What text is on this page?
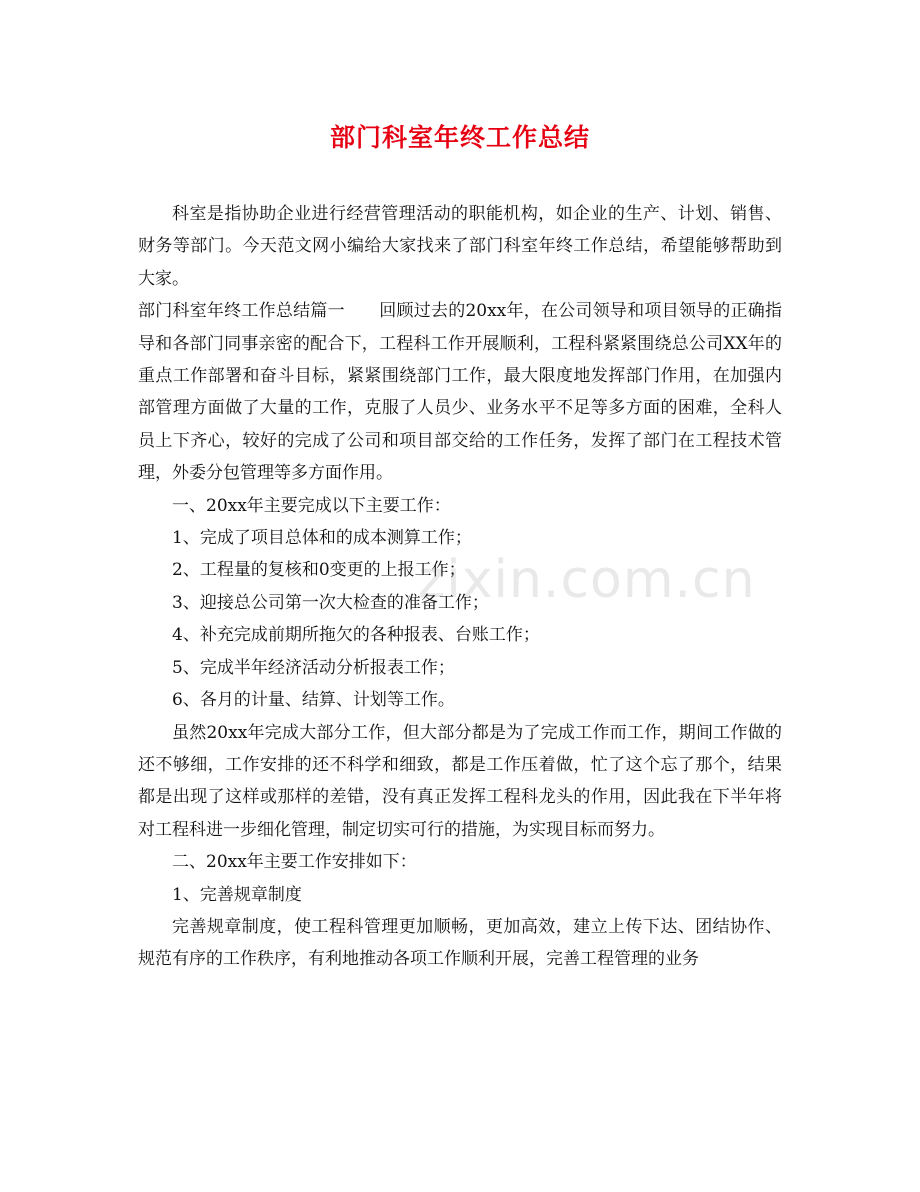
zixin.com.cn
部门科室年终工作总结

科室是指协助企业进行经营管理活动的职能机构，如企业的生产、计划、销售、财务等部门。今天范文网小编给大家找来了部门科室年终工作总结，希望能够帮助到大家。

部门科室年终工作总结篇一　　回顾过去的20xx年，在公司领导和项目领导的正确指导和各部门同事亲密的配合下，工程科工作开展顺利，工程科紧紧围绕总公司XX年的重点工作部署和奋斗目标，紧紧围绕部门工作，最大限度地发挥部门作用，在加强内部管理方面做了大量的工作，克服了人员少、业务水平不足等多方面的困难，全科人员上下齐心，较好的完成了公司和项目部交给的工作任务，发挥了部门在工程技术管理，外委分包管理等多方面作用。

一、20xx年主要完成以下主要工作：

1、完成了项目总体和的成本测算工作；

2、工程量的复核和0变更的上报工作；

3、迎接总公司第一次大检查的准备工作；

4、补充完成前期所拖欠的各种报表、台账工作；

5、完成半年经济活动分析报表工作；

6、各月的计量、结算、计划等工作。

虽然20xx年完成大部分工作，但大部分都是为了完成工作而工作，期间工作做的还不够细，工作安排的还不科学和细致，都是工作压着做，忙了这个忘了那个，结果都是出现了这样或那样的差错，没有真正发挥工程科龙头的作用，因此我在下半年将对工程科进一步细化管理，制定切实可行的措施，为实现目标而努力。

二、20xx年主要工作安排如下：

1、完善规章制度

完善规章制度，使工程科管理更加顺畅，更加高效，建立上传下达、团结协作、规范有序的工作秩序，有利地推动各项工作顺利开展，完善工程管理的业务
